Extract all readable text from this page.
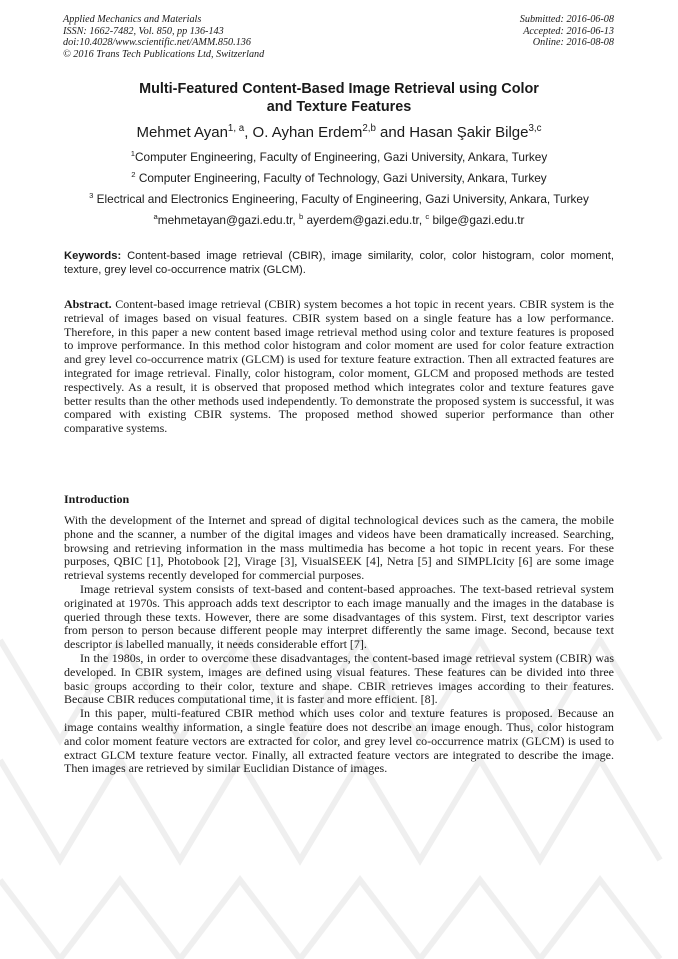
Applied Mechanics and Materials
ISSN: 1662-7482, Vol. 850, pp 136-143
doi:10.4028/www.scientific.net/AMM.850.136
© 2016 Trans Tech Publications Ltd, Switzerland
Submitted: 2016-06-08
Accepted: 2016-06-13
Online: 2016-08-08
Multi-Featured Content-Based Image Retrieval using Color
and Texture Features
Mehmet Ayan$^{1, a}$, O. Ayhan Erdem$^{2,b}$ and Hasan Şakir Bilge$^{3,c}$
$^1$Computer Engineering, Faculty of Engineering, Gazi University, Ankara, Turkey
$^2$ Computer Engineering, Faculty of Technology, Gazi University, Ankara, Turkey
$^3$ Electrical and Electronics Engineering, Faculty of Engineering, Gazi University, Ankara, Turkey
$^a$mehmetayan@gazi.edu.tr, $^b$ ayerdem@gazi.edu.tr, $^c$ bilge@gazi.edu.tr
Keywords: Content-based image retrieval (CBIR), image similarity, color, color histogram, color moment, texture, grey level co-occurrence matrix (GLCM).
Abstract. Content-based image retrieval (CBIR) system becomes a hot topic in recent years. CBIR system is the retrieval of images based on visual features. CBIR system based on a single feature has a low performance. Therefore, in this paper a new content based image retrieval method using color and texture features is proposed to improve performance. In this method color histogram and color moment are used for color feature extraction and grey level co-occurrence matrix (GLCM) is used for texture feature extraction. Then all extracted features are integrated for image retrieval. Finally, color histogram, color moment, GLCM and proposed methods are tested respectively. As a result, it is observed that proposed method which integrates color and texture features gave better results than the other methods used independently. To demonstrate the proposed system is successful, it was compared with existing CBIR systems. The proposed method showed superior performance than other comparative systems.
Introduction

With the development of the Internet and spread of digital technological devices such as the camera, the mobile phone and the scanner, a number of the digital images and videos have been dramatically increased. Searching, browsing and retrieving information in the mass multimedia has become a hot topic in recent years. For these purposes, QBIC [1], Photobook [2], Virage [3], VisualSEEK [4], Netra [5] and SIMPLIcity [6] are some image retrieval systems recently developed for commercial purposes.

Image retrieval system consists of text-based and content-based approaches. The text-based retrieval system originated at 1970s. This approach adds text descriptor to each image manually and the images in the database is queried through these texts. However, there are some disadvantages of this system. First, text descriptor varies from person to person because different people may interpret differently the same image. Second, because text descriptor is labelled manually, it needs considerable effort [7].

In the 1980s, in order to overcome these disadvantages, the content-based image retrieval system (CBIR) was developed. In CBIR system, images are defined using visual features. These features can be divided into three basic groups according to their color, texture and shape. CBIR retrieves images according to their features. Because CBIR reduces computational time, it is faster and more efficient. [8].

In this paper, multi-featured CBIR method which uses color and texture features is proposed. Because an image contains wealthy information, a single feature does not describe an image enough. Thus, color histogram and color moment feature vectors are extracted for color, and grey level co-occurrence matrix (GLCM) is used to extract GLCM texture feature vector. Finally, all extracted feature vectors are integrated to describe the image. Then images are retrieved by similar Euclidian Distance of images.
